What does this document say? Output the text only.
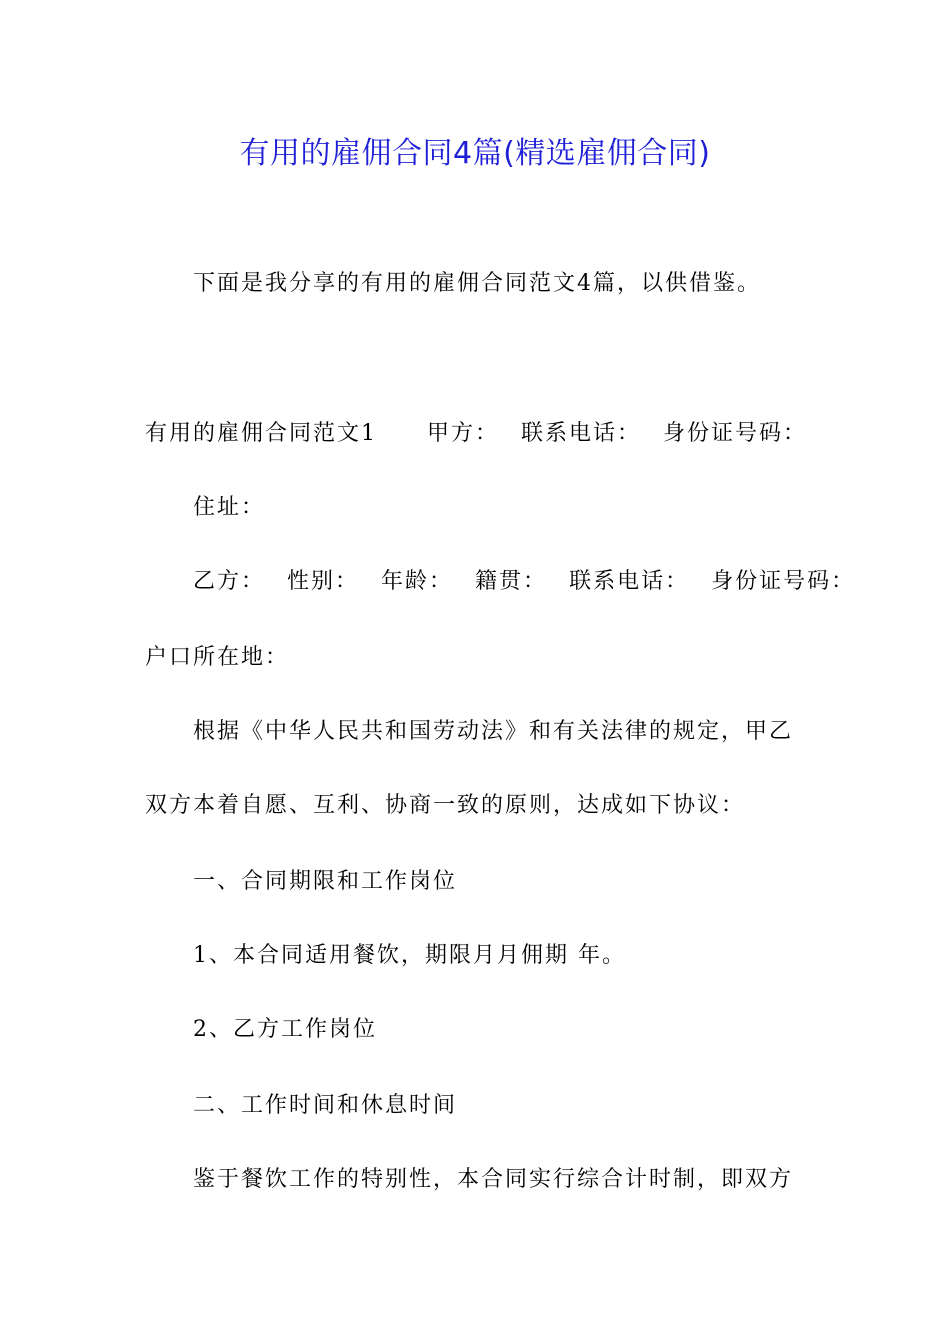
有用的雇佣合同4篇(精选雇佣合同)
下面是我分享的有用的雇佣合同范文4篇，以供借鉴。
有用的雇佣合同范文1 甲方： 联系电话： 身份证号码：
住址：
乙方： 性别： 年龄： 籍贯： 联系电话： 身份证号码：
户口所在地：
根据《中华人民共和国劳动法》和有关法律的规定，甲乙
双方本着自愿、互利、协商一致的原则，达成如下协议：
一、合同期限和工作岗位
1、本合同适用餐饮，期限月月佣期 年。
2、乙方工作岗位
二、工作时间和休息时间
鉴于餐饮工作的特别性，本合同实行综合计时制，即双方
